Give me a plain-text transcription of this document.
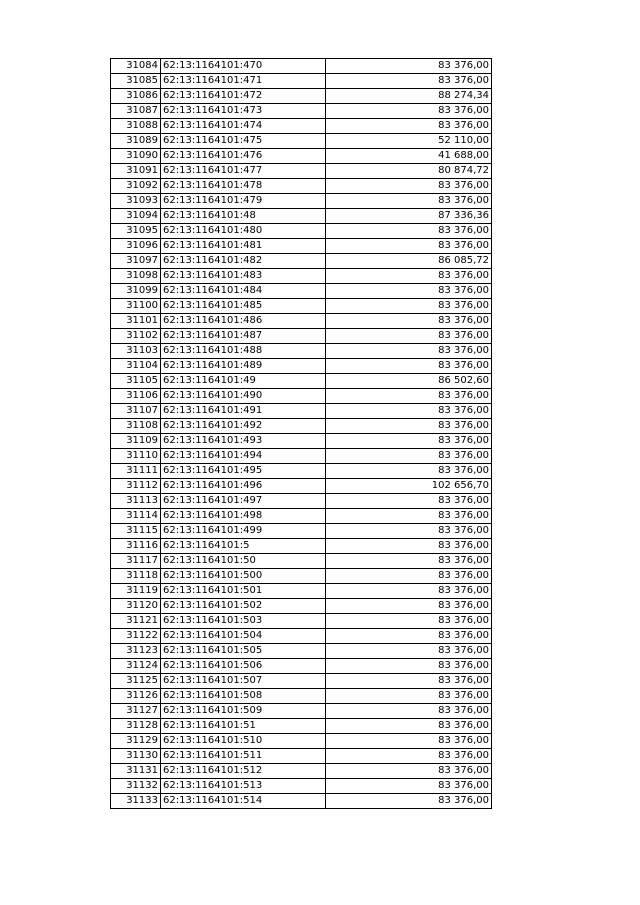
31084	62:13:1164101:470	83 376,00
31085	62:13:1164101:471	83 376,00
31086	62:13:1164101:472	88 274,34
31087	62:13:1164101:473	83 376,00
31088	62:13:1164101:474	83 376,00
31089	62:13:1164101:475	52 110,00
31090	62:13:1164101:476	41 688,00
31091	62:13:1164101:477	80 874,72
31092	62:13:1164101:478	83 376,00
31093	62:13:1164101:479	83 376,00
31094	62:13:1164101:48	87 336,36
31095	62:13:1164101:480	83 376,00
31096	62:13:1164101:481	83 376,00
31097	62:13:1164101:482	86 085,72
31098	62:13:1164101:483	83 376,00
31099	62:13:1164101:484	83 376,00
31100	62:13:1164101:485	83 376,00
31101	62:13:1164101:486	83 376,00
31102	62:13:1164101:487	83 376,00
31103	62:13:1164101:488	83 376,00
31104	62:13:1164101:489	83 376,00
31105	62:13:1164101:49	86 502,60
31106	62:13:1164101:490	83 376,00
31107	62:13:1164101:491	83 376,00
31108	62:13:1164101:492	83 376,00
31109	62:13:1164101:493	83 376,00
31110	62:13:1164101:494	83 376,00
31111	62:13:1164101:495	83 376,00
31112	62:13:1164101:496	102 656,70
31113	62:13:1164101:497	83 376,00
31114	62:13:1164101:498	83 376,00
31115	62:13:1164101:499	83 376,00
31116	62:13:1164101:5	83 376,00
31117	62:13:1164101:50	83 376,00
31118	62:13:1164101:500	83 376,00
31119	62:13:1164101:501	83 376,00
31120	62:13:1164101:502	83 376,00
31121	62:13:1164101:503	83 376,00
31122	62:13:1164101:504	83 376,00
31123	62:13:1164101:505	83 376,00
31124	62:13:1164101:506	83 376,00
31125	62:13:1164101:507	83 376,00
31126	62:13:1164101:508	83 376,00
31127	62:13:1164101:509	83 376,00
31128	62:13:1164101:51	83 376,00
31129	62:13:1164101:510	83 376,00
31130	62:13:1164101:511	83 376,00
31131	62:13:1164101:512	83 376,00
31132	62:13:1164101:513	83 376,00
31133	62:13:1164101:514	83 376,00
